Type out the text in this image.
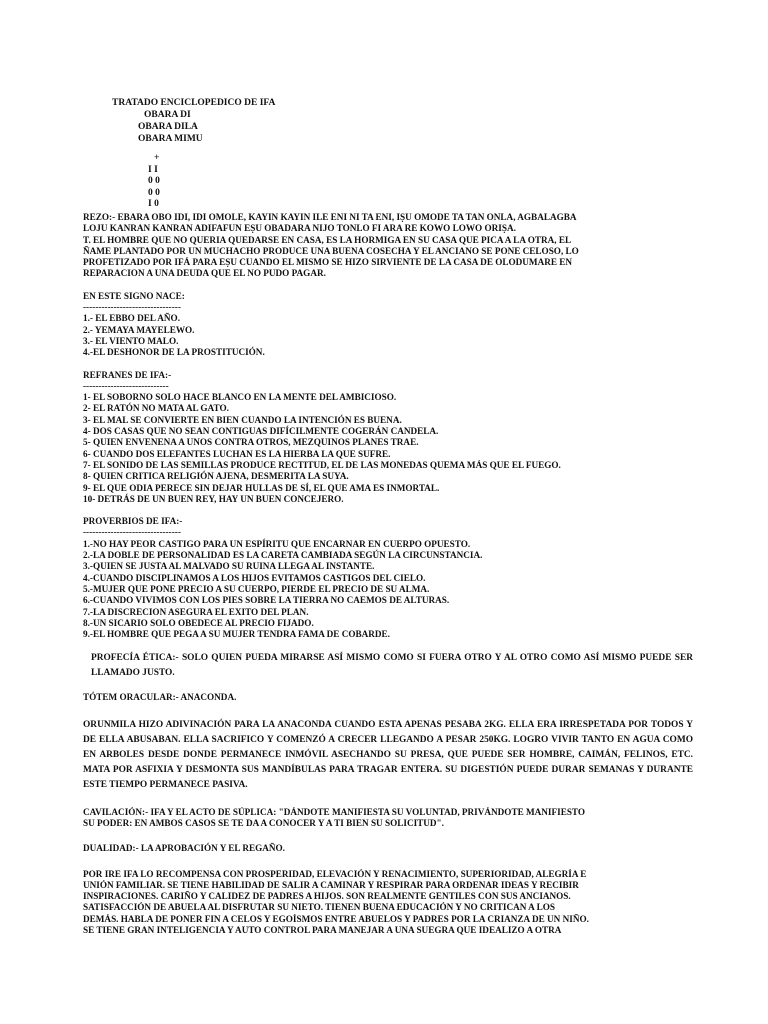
TRATADO ENCICLOPEDICO DE IFA
OBARA DI
OBARA DILA
OBARA MIMU
+
I I
0 0
0 0
I 0

REZO:- EBARA OBO IDI, IDI OMOLE, KAYIN KAYIN ILE ENI NI TA ENI, IṢU OMODE TA TAN ONLA, AGBALAGBA

LOJU KANRAN KANRAN ADIFAFUN EṢU OBADARA NIJO TONLO FI ARA RE KOWO LOWO ORIṢA.

T. EL HOMBRE QUE NO QUERIA QUEDARSE EN CASA, ES LA HORMIGA EN SU CASA QUE PICA A LA OTRA, EL

ÑAME PLANTADO POR UN MUCHACHO PRODUCE UNA BUENA COSECHA Y EL ANCIANO SE PONE CELOSO, LO

PROFETIZADO POR IFÁ PARA EṢU CUANDO EL MISMO SE HIZO SIRVIENTE DE LA CASA DE OLODUMARE EN

REPARACION A UNA DEUDA QUE EL NO PUDO PAGAR.

EN ESTE SIGNO NACE:

--------------------------------

1.- EL EBBO DEL AÑO.

2.- YEMAYA MAYELEWO.

3.- EL VIENTO MALO.

4.-EL DESHONOR DE LA PROSTITUCIÓN.

REFRANES DE IFA:-

----------------------------

1- EL SOBORNO SOLO HACE BLANCO EN LA MENTE DEL AMBICIOSO.

2- EL RATÓN NO MATA AL GATO.

3- EL MAL SE CONVIERTE EN BIEN CUANDO LA INTENCIÓN ES BUENA.

4- DOS CASAS QUE NO SEAN CONTIGUAS DIFÍCILMENTE COGERÁN CANDELA.

5- QUIEN ENVENENA A UNOS CONTRA OTROS, MEZQUINOS PLANES TRAE.

6- CUANDO DOS ELEFANTES LUCHAN ES LA HIERBA LA QUE SUFRE.

7- EL SONIDO DE LAS SEMILLAS PRODUCE RECTITUD, EL DE LAS MONEDAS QUEMA MÁS QUE EL FUEGO.

8- QUIEN CRITICA RELIGIÓN AJENA, DESMERITA LA SUYA.

9- EL QUE ODIA PERECE SIN DEJAR HULLAS DE SÍ, EL QUE AMA ES INMORTAL.

10- DETRÁS DE UN BUEN REY, HAY UN BUEN CONCEJERO.

PROVERBIOS DE IFA:-

--------------------------------

1.-NO HAY PEOR CASTIGO PARA UN ESPÍRITU QUE ENCARNAR EN CUERPO OPUESTO.

2.-LA DOBLE DE PERSONALIDAD ES LA CARETA CAMBIADA SEGÚN LA CIRCUNSTANCIA.

3.-QUIEN SE JUSTA AL MALVADO SU RUINA LLEGA AL INSTANTE.

4.-CUANDO DISCIPLINAMOS A LOS HIJOS EVITAMOS CASTIGOS DEL CIELO.

5.-MUJER QUE PONE PRECIO A SU CUERPO, PIERDE EL PRECIO DE SU ALMA.

6.-CUANDO VIVIMOS CON LOS PIES SOBRE LA TIERRA NO CAEMOS DE ALTURAS.

7.-LA DISCRECION ASEGURA EL EXITO DEL PLAN.

8.-UN SICARIO SOLO OBEDECE AL PRECIO FIJADO.

9.-EL HOMBRE QUE PEGA A SU MUJER TENDRA FAMA DE COBARDE.

PROFECÍA ÉTICA:- SOLO QUIEN PUEDA MIRARSE ASÍ MISMO COMO SI FUERA OTRO Y AL OTRO COMO ASÍ MISMO PUEDE SER LLAMADO JUSTO.

TÓTEM ORACULAR:- ANACONDA.

ORUNMILA HIZO ADIVINACIÓN PARA LA ANACONDA CUANDO ESTA APENAS PESABA 2KG. ELLA ERA IRRESPETADA POR TODOS Y DE ELLA ABUSABAN. ELLA SACRIFICO Y COMENZÓ A CRECER LLEGANDO A PESAR 250KG. LOGRO VIVIR TANTO EN AGUA COMO EN ARBOLES DESDE DONDE PERMANECE INMÓVIL ASECHANDO SU PRESA, QUE PUEDE SER HOMBRE, CAIMÁN, FELINOS, ETC. MATA POR ASFIXIA Y DESMONTA SUS MANDÍBULAS PARA TRAGAR ENTERA. SU DIGESTIÓN PUEDE DURAR SEMANAS Y DURANTE ESTE TIEMPO PERMANECE PASIVA.

CAVILACIÓN:- IFA Y EL ACTO DE SÚPLICA: "DÁNDOTE MANIFIESTA SU VOLUNTAD, PRIVÁNDOTE MANIFIESTO

SU PODER: EN AMBOS CASOS SE TE DA A CONOCER Y A TI BIEN SU SOLICITUD".

DUALIDAD:- LA APROBACIÓN Y EL REGAÑO.

POR IRE IFA LO RECOMPENSA CON PROSPERIDAD, ELEVACIÓN Y RENACIMIENTO, SUPERIORIDAD, ALEGRÍA E

UNIÓN FAMILIAR. SE TIENE HABILIDAD DE SALIR A CAMINAR Y RESPIRAR PARA ORDENAR IDEAS Y RECIBIR

INSPIRACIONES. CARIÑO Y CALIDEZ DE PADRES A HIJOS. SON REALMENTE GENTILES CON SUS ANCIANOS.

SATISFACCIÓN DE ABUELA AL DISFRUTAR SU NIETO. TIENEN BUENA EDUCACIÓN Y NO CRITICAN A LOS

DEMÁS. HABLA DE PONER FIN A CELOS Y EGOÍSMOS ENTRE ABUELOS Y PADRES POR LA CRIANZA DE UN NIÑO.

SE TIENE GRAN INTELIGENCIA Y AUTO CONTROL PARA MANEJAR A UNA SUEGRA QUE IDEALIZO A OTRA
